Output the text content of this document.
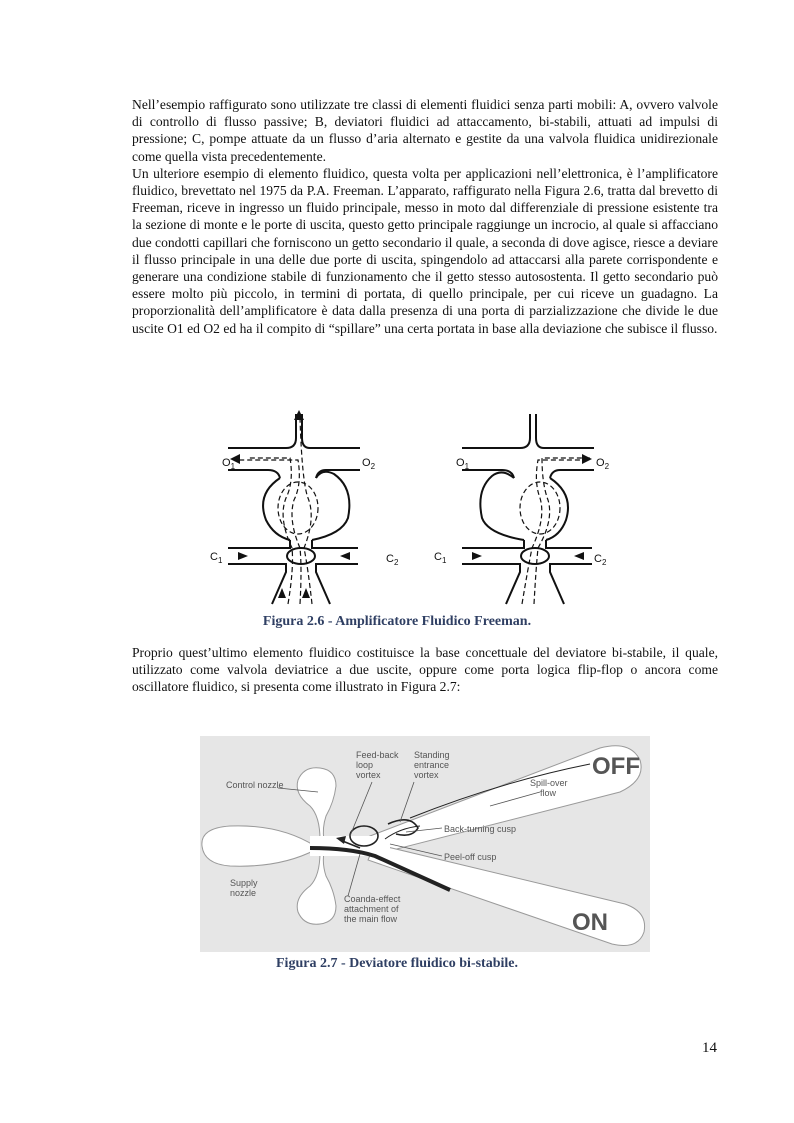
Nell’esempio raffigurato sono utilizzate tre classi di elementi fluidici senza parti mobili: A, ovvero valvole di controllo di flusso passive; B, deviatori fluidici ad attaccamento, bi-stabili, attuati ad impulsi di pressione; C, pompe attuate da un flusso d’aria alternato e gestite da una valvola fluidica unidirezionale come quella vista precedentemente.

Un ulteriore esempio di elemento fluidico, questa volta per applicazioni nell’elettronica, è l’amplificatore fluidico, brevettato nel 1975 da P.A. Freeman. L’apparato, raffigurato nella Figura 2.6, tratta dal brevetto di Freeman, riceve in ingresso un fluido principale, messo in moto dal differenziale di pressione esistente tra la sezione di monte e le porte di uscita, questo getto principale raggiunge un incrocio, al quale si affacciano due condotti capillari che forniscono un getto secondario il quale, a seconda di dove agisce, riesce a deviare il flusso principale in una delle due porte di uscita, spingendolo ad attaccarsi alla parete corrispondente e generare una condizione stabile di funzionamento che il getto stesso autosostenta. Il getto secondario può essere molto più piccolo, in termini di portata, di quello principale, per cui riceve un guadagno. La proporzionalità dell’amplificatore è data dalla presenza di una porta di parzializzazione che divide le due uscite O1 ed O2 ed ha il compito di “spillare” una certa portata in base alla deviazione che subisce il flusso.

$O_1$	$O_2$
$C_1$	$C_2$
$O_1$	$O_2$
$C_1$	$C_2$
Figura 2.6 - Amplificatore Fluidico Freeman.

Proprio quest’ultimo elemento fluidico costituisce la base concettuale del deviatore bi-stabile, il quale, utilizzato come valvola deviatrice a due uscite, oppure come porta logica flip-flop o ancora come oscillatore fluidico, si presenta come illustrato in Figura 2.7:

Control nozzle
Feed-back
loop
vortex
Standing
entrance
vortex
Spill-over
flow
Back-turning cusp
Peel-off cusp
Supply
nozzle
Coanda-effect
attachment of
the main flow
OFF
ON
Figura 2.7 - Deviatore fluidico bi-stabile.
14
